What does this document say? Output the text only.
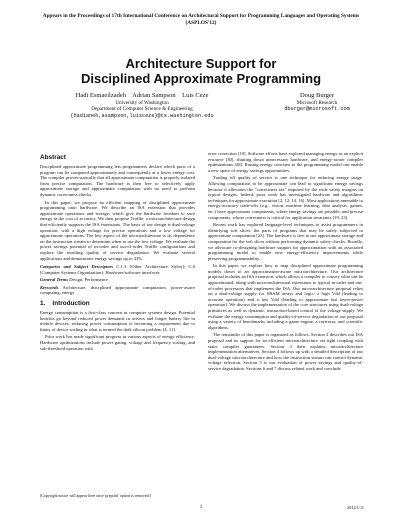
Appears in the Proceedings of 17th International Conference on Architectural Support for Programming Languages and Operating Systems (ASPLOS'12)
Architecture Support for
Disciplined Approximate Programming
Hadi Esmaeilzadeh    Adrian Sampson    Luis Ceze
University of Washington
Department of Computer Science & Engineering
{hadianeh,asampson,luisceze}@cs.washington.edu
Doug Burger
Microsoft Research
dburger@microsoft.com
Abstract

Disciplined approximate programming lets programmers declare which parts of a program can be computed approximately and consequently at a lower energy cost. The compiler proves statically that all approximate computation is properly isolated from precise computation. The hardware is then free to selectively apply approximate storage and approximate computation with no need to perform dynamic correctness checks.

In this paper, we propose an efficient mapping of disciplined approximate programming onto hardware. We describe an ISA extension that provides approximate operations and storage, which give the hardware freedom to save energy at the cost of accuracy. We then propose Truffle, a microarchitecture design that efficiently supports the ISA extensions. The basis of our design is dual-voltage operation, with a high voltage for precise operations and a low voltage for approximate operations. The key aspect of the microarchitecture is its dependence on the instruction stream to determine when to use the low voltage. We evaluate the power savings potential of in-order and out-of-order Truffle configurations and explore the resulting quality of service degradation. We evaluate several applications and demonstrate energy savings up to 43%.

Categories and Subject Descriptors C.1.3 [Other Architecture Styles]; C.0 [Computer Systems Organization]: Hardware/software interfaces

General Terms Design, Performance

Keywords Architecture, disciplined approximate computation, power-aware computing, energy

1.    Introduction

Energy consumption is a first-class concern in computer systems design. Potential benefits go beyond reduced power demands in servers and longer battery life in mobile devices; reducing power consumption is becoming a requirement due to limits of device scaling in what is termed the dark silicon problem [4, 11].

Prior work has made significant progress in various aspects of energy efficiency. Hardware optimizations include power gating, voltage and frequency scaling, and sub-threshold operation with

error correction [10]. Software efforts have explored managing energy as an explicit resource [30], shutting down unnecessary hardware, and energy-aware compiler optimizations [28]. Raising energy concerns to the programming model can enable a new space of energy savings opportunities.

Trading off quality of service is one technique for reducing energy usage. Allowing computation to be approximate can lead to significant energy savings because it alleviates the "correctness tax" imposed by the wide safety margins on typical designs. Indeed, prior work has investigated hardware and algorithmic techniques for approximate execution [2, 12, 14, 16]. Most applications amenable to energy-accuracy trade-offs (e.g., vision, machine learning, data analysis, games, etc.) have approximate components, where energy savings are possible, and precise components, whose correctness is critical for application invariants [19, 23].

Recent work has explored language-level techniques to assist programmers in identifying soft slices, the parts of programs that may be safely subjected to approximate computation [23]. The hardware is free to use approximate storage and computation for the soft slices without performing dynamic safety checks. Broadly, we advocate co-designing hardware support for approximation with an associated programming model to enable new energy-efficiency improvements while preserving programmability.

In this paper, we explore how to map disciplined approximate programming models down to an approximation-aware microarchitecture. Our architecture proposal includes an ISA extension, which allows a compiler to convey what can be approximated, along with microarchitectural extensions to typical in-order and out-of-order processors that implement the ISA. Our microarchitecture proposal relies on a dual-voltage supply for SRAM arrays and logic: a high Vdd (leading to accurate operation) and a low Vdd (leading to approximate but lower-power operation). We discuss the implementation of the core structures using dual-voltage primitives as well as dynamic, instruction-based control of the voltage supply. We evaluate the energy consumption and quality-of-service degradation of our proposal using a variety of benchmarks including a game engine, a raytracer, and scientific algorithms.

The remainder of this paper is organized as follows. Section 2 describes our ISA proposal and its support for an efficient microarchitecture via tight coupling with static compiler guarantees. Section 3 then explains microarchitecture implementation alternatives. Section 4 follows up with a detailed description of our dual-voltage microarchitecture and how the instruction stream can control dynamic voltage selection. Section 5 is our evaluation of power savings and quality-of-service degradation. Sections 6 and 7 discuss related work and conclude.

[Copyright notice will appear here once 'preprint' option is removed.]
1	2012/1/11
